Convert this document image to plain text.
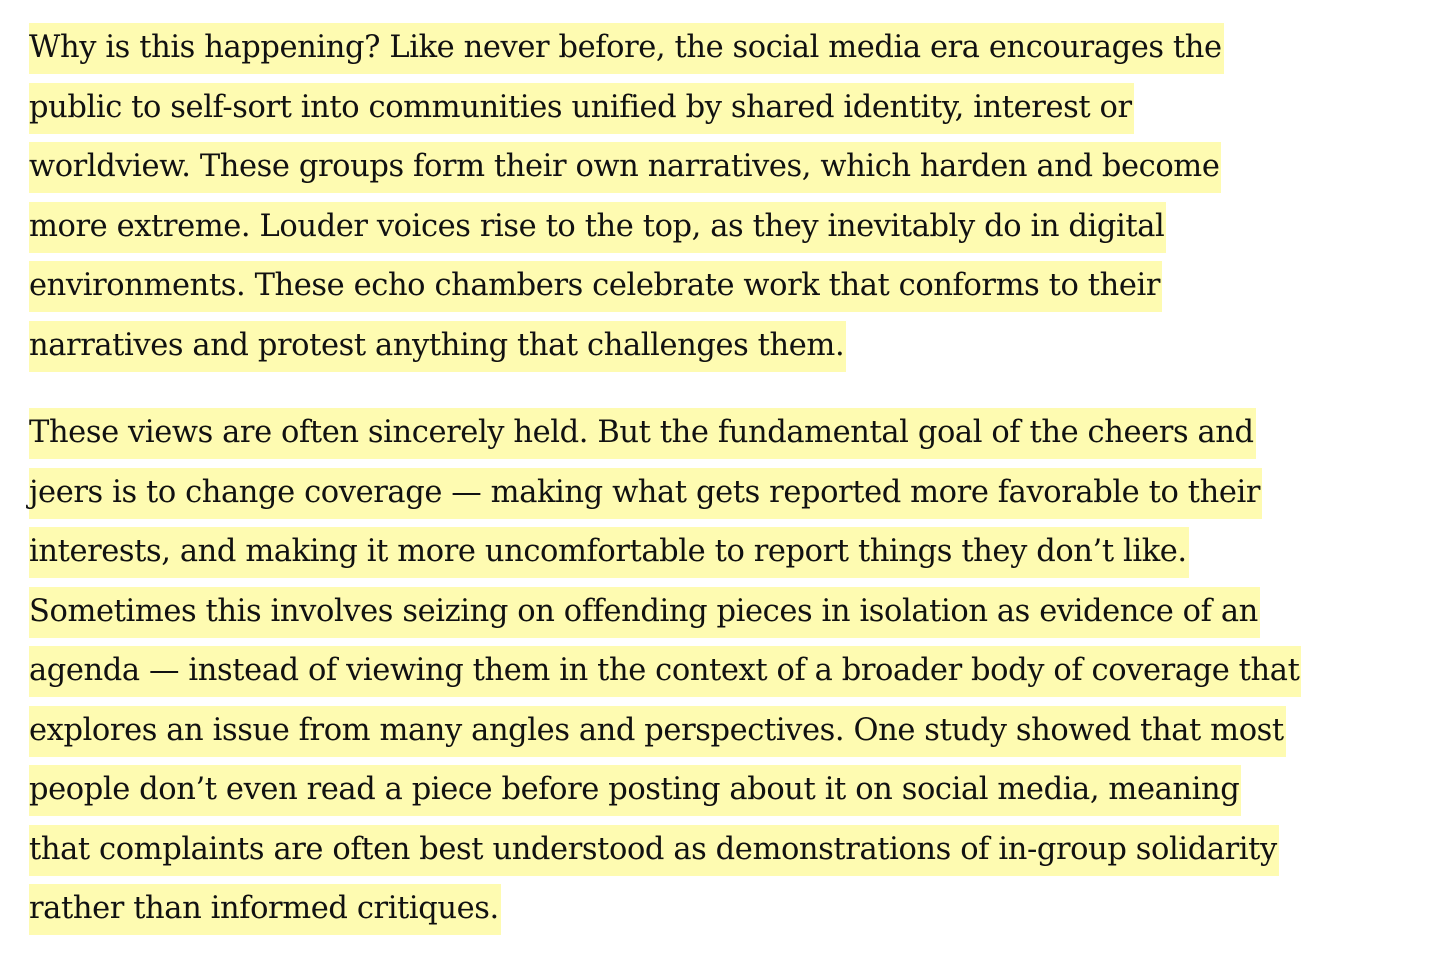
Why is this happening? Like never before, the social media era encourages the
public to self-sort into communities unified by shared identity, interest or
worldview. These groups form their own narratives, which harden and become
more extreme. Louder voices rise to the top, as they inevitably do in digital
environments. These echo chambers celebrate work that conforms to their
narratives and protest anything that challenges them.
These views are often sincerely held. But the fundamental goal of the cheers and
jeers is to change coverage — making what gets reported more favorable to their
interests, and making it more uncomfortable to report things they don’t like.
Sometimes this involves seizing on offending pieces in isolation as evidence of an
agenda — instead of viewing them in the context of a broader body of coverage that
explores an issue from many angles and perspectives. One study showed that most
people don’t even read a piece before posting about it on social media, meaning
that complaints are often best understood as demonstrations of in-group solidarity
rather than informed critiques.
